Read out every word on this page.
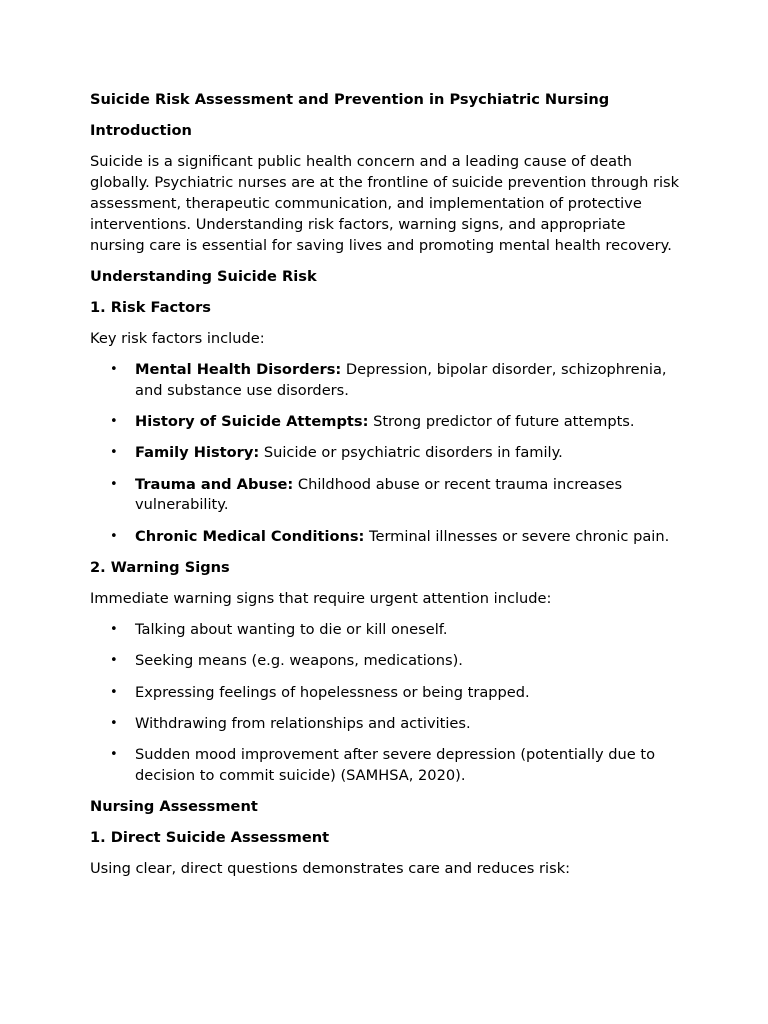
Suicide Risk Assessment and Prevention in Psychiatric Nursing

Introduction

Suicide is a significant public health concern and a leading cause of death globally. Psychiatric nurses are at the frontline of suicide prevention through risk assessment, therapeutic communication, and implementation of protective interventions. Understanding risk factors, warning signs, and appropriate nursing care is essential for saving lives and promoting mental health recovery.

Understanding Suicide Risk

1. Risk Factors

Key risk factors include:

• Mental Health Disorders: Depression, bipolar disorder, schizophrenia, and substance use disorders.
• History of Suicide Attempts: Strong predictor of future attempts.
• Family History: Suicide or psychiatric disorders in family.
• Trauma and Abuse: Childhood abuse or recent trauma increases vulnerability.
• Chronic Medical Conditions: Terminal illnesses or severe chronic pain.

2. Warning Signs

Immediate warning signs that require urgent attention include:

• Talking about wanting to die or kill oneself.
• Seeking means (e.g. weapons, medications).
• Expressing feelings of hopelessness or being trapped.
• Withdrawing from relationships and activities.
• Sudden mood improvement after severe depression (potentially due to decision to commit suicide) (SAMHSA, 2020).

Nursing Assessment

1. Direct Suicide Assessment

Using clear, direct questions demonstrates care and reduces risk:
